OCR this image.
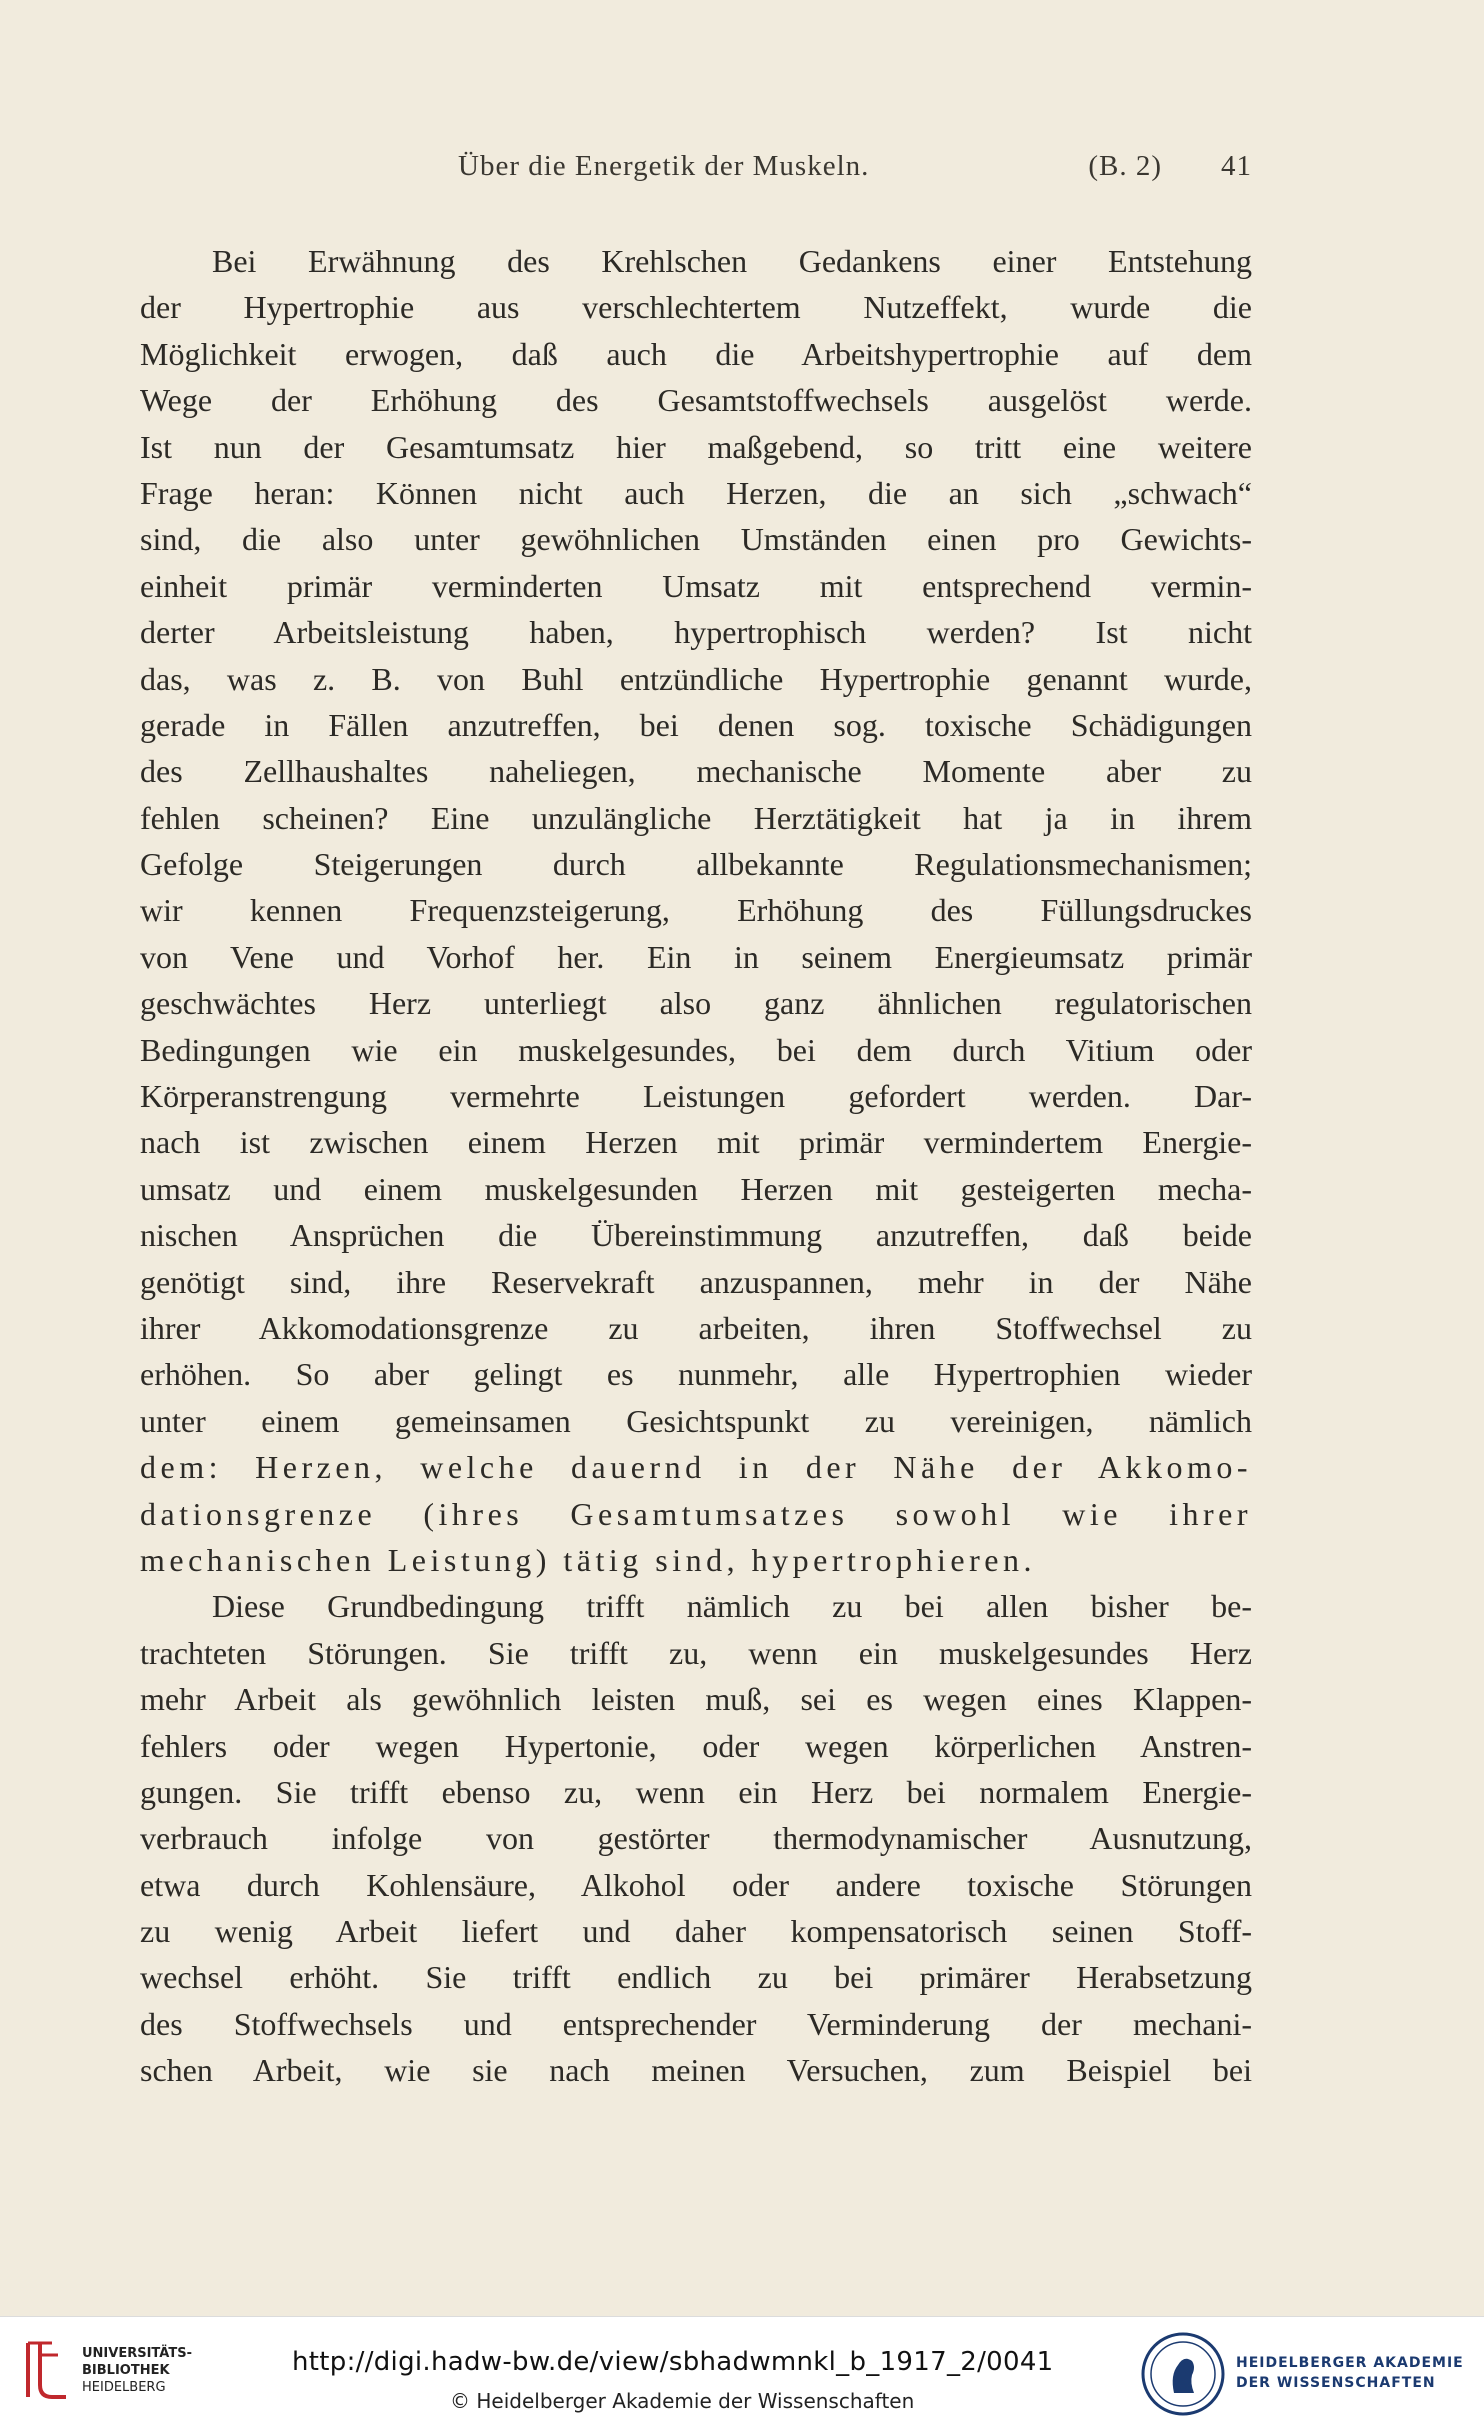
Über die Energetik der Muskeln.	(B. 2) 41
Bei Erwähnung des Krehlschen Gedankens einer Entstehung
der Hypertrophie aus verschlechtertem Nutzeffekt, wurde die
Möglichkeit erwogen, daß auch die Arbeitshypertrophie auf dem
Wege der Erhöhung des Gesamtstoffwechsels ausgelöst werde.
Ist nun der Gesamtumsatz hier maßgebend, so tritt eine weitere
Frage heran: Können nicht auch Herzen, die an sich „schwach“
sind, die also unter gewöhnlichen Umständen einen pro Gewichts-
einheit primär verminderten Umsatz mit entsprechend vermin-
derter Arbeitsleistung haben, hypertrophisch werden? Ist nicht
das, was z. B. von Buhl entzündliche Hypertrophie genannt wurde,
gerade in Fällen anzutreffen, bei denen sog. toxische Schädigungen
des Zellhaushaltes naheliegen, mechanische Momente aber zu
fehlen scheinen? Eine unzulängliche Herztätigkeit hat ja in ihrem
Gefolge Steigerungen durch allbekannte Regulationsmechanismen;
wir kennen Frequenzsteigerung, Erhöhung des Füllungsdruckes
von Vene und Vorhof her. Ein in seinem Energieumsatz primär
geschwächtes Herz unterliegt also ganz ähnlichen regulatorischen
Bedingungen wie ein muskelgesundes, bei dem durch Vitium oder
Körperanstrengung vermehrte Leistungen gefordert werden. Dar-
nach ist zwischen einem Herzen mit primär vermindertem Energie-
umsatz und einem muskelgesunden Herzen mit gesteigerten mecha-
nischen Ansprüchen die Übereinstimmung anzutreffen, daß beide
genötigt sind, ihre Reservekraft anzuspannen, mehr in der Nähe
ihrer Akkomodationsgrenze zu arbeiten, ihren Stoffwechsel zu
erhöhen. So aber gelingt es nunmehr, alle Hypertrophien wieder
unter einem gemeinsamen Gesichtspunkt zu vereinigen, nämlich
dem: Herzen, welche dauernd in der Nähe der Akkomo-
dationsgrenze (ihres Gesamtumsatzes sowohl wie ihrer
mechanischen Leistung) tätig sind, hypertrophieren.
Diese Grundbedingung trifft nämlich zu bei allen bisher be-
trachteten Störungen. Sie trifft zu, wenn ein muskelgesundes Herz
mehr Arbeit als gewöhnlich leisten muß, sei es wegen eines Klappen-
fehlers oder wegen Hypertonie, oder wegen körperlichen Anstren-
gungen. Sie trifft ebenso zu, wenn ein Herz bei normalem Energie-
verbrauch infolge von gestörter thermodynamischer Ausnutzung,
etwa durch Kohlensäure, Alkohol oder andere toxische Störungen
zu wenig Arbeit liefert und daher kompensatorisch seinen Stoff-
wechsel erhöht. Sie trifft endlich zu bei primärer Herabsetzung
des Stoffwechsels und entsprechender Verminderung der mechani-
schen Arbeit, wie sie nach meinen Versuchen, zum Beispiel bei
UNIVERSITÄTS-
BIBLIOTHEK
HEIDELBERG
http://digi.hadw-bw.de/view/sbhadwmnkl_b_1917_2/0041
© Heidelberger Akademie der Wissenschaften
HEIDELBERGER AKADEMIE
DER WISSENSCHAFTEN
